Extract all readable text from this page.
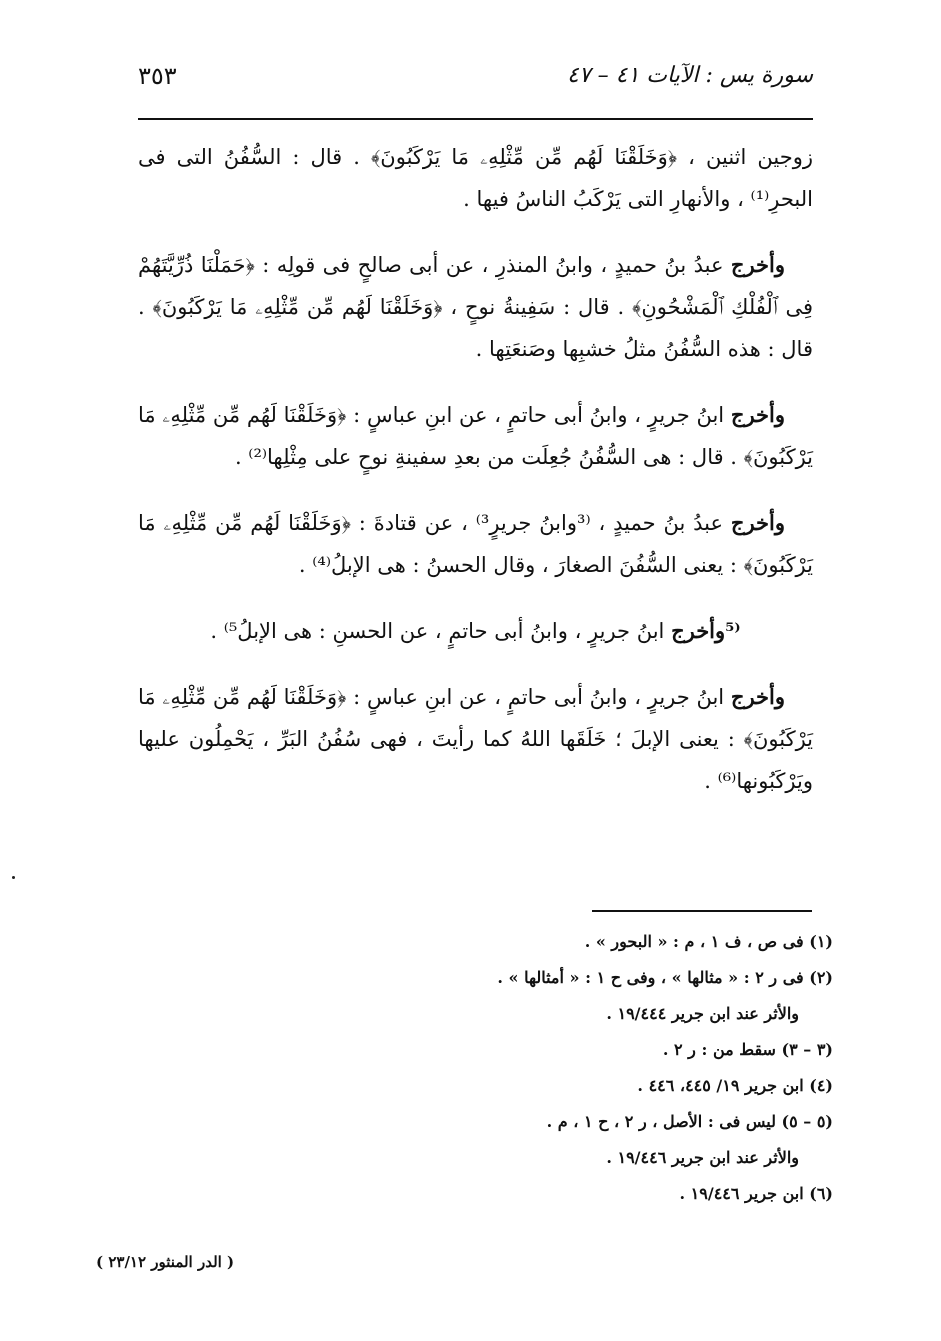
٣٥٣	سورة يس : الآيات ٤١ – ٤٧

زوجين اثنين ، ﴿وَخَلَقْنَا لَهُم مِّن مِّثْلِهِۦ مَا يَرْكَبُونَ﴾ . قال : السُّفُنُ التى فى البحرِ⁽¹⁾ ، والأنهارِ التى يَرْكَبُ الناسُ فيها .

وأخرج عبدُ بنُ حميدٍ ، وابنُ المنذرِ ، عن أبى صالحٍ فى قولِه : ﴿حَمَلْنَا ذُرِّيَّتَهُمْ فِى ٱلْفُلْكِ ٱلْمَشْحُونِ﴾ . قال : سَفِينةُ نوحٍ ، ﴿وَخَلَقْنَا لَهُم مِّن مِّثْلِهِۦ مَا يَرْكَبُونَ﴾ . قال : هذه السُّفُنُ مثلُ خشبِها وصَنعَتِها .

وأخرج ابنُ جريرٍ ، وابنُ أبى حاتمٍ ، عن ابنِ عباسٍ : ﴿وَخَلَقْنَا لَهُم مِّن مِّثْلِهِۦ مَا يَرْكَبُونَ﴾ . قال : هى السُّفُنُ جُعِلَت من بعدِ سفينةِ نوحٍ على مِثْلِها⁽²⁾ .

وأخرج عبدُ بنُ حميدٍ ، ⁽³وابنُ جريرٍ³⁾ ، عن قتادةَ : ﴿وَخَلَقْنَا لَهُم مِّن مِّثْلِهِۦ مَا يَرْكَبُونَ﴾ : يعنى السُّفُنَ الصغارَ ، وقال الحسنُ : هى الإبلُ⁽⁴⁾ .

⁽⁵وأخرج ابنُ جريرٍ ، وابنُ أبى حاتمٍ ، عن الحسنِ : هى الإبلُ⁵⁾ .

وأخرج ابنُ جريرٍ ، وابنُ أبى حاتمٍ ، عن ابنِ عباسٍ : ﴿وَخَلَقْنَا لَهُم مِّن مِّثْلِهِۦ مَا يَرْكَبُونَ﴾ : يعنى الإبلَ ؛ خَلَقَها اللهُ كما رأيتَ ، فهى سُفُنُ البَرِّ ، يَحْمِلُون عليها ويَرْكَبُونها⁽⁶⁾ .

(١) فى ص ، ف ١ ، م : « البحور » .

(٢) فى ر ٢ : « مثالها » ، وفى ح ١ : « أمثالها » .

والأثر عند ابن جرير ١٩/٤٤٤ .

(٣ – ٣) سقط من : ر ٢ .

(٤) ابن جرير ١٩/ ٤٤٥، ٤٤٦ .

(٥ – ٥) ليس فى : الأصل ، ر ٢ ، ح ١ ، م .

والأثر عند ابن جرير ١٩/٤٤٦ .

(٦) ابن جرير ١٩/٤٤٦ .

( الدر المنثور ٢٣/١٢ )
